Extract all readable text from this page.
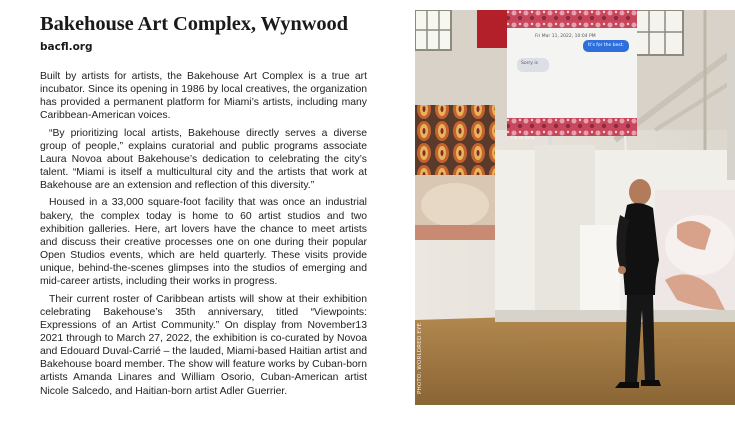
Bakehouse Art Complex, Wynwood
bacfl.org

Built by artists for artists, the Bakehouse Art Complex is a true art incubator. Since its opening in 1986 by local creatives, the organization has provided a permanent platform for Miami’s artists, including many Caribbean-American voices.

“By prioritizing local artists, Bakehouse directly serves a diverse group of people,” explains curatorial and public programs associate Laura Novoa about Bakehouse’s dedication to celebrating the city’s talent. “Miami is itself a multicultural city and the artists that work at Bakehouse are an extension and reflection of this diversity.”

Housed in a 33,000 square-foot facility that was once an industrial bakery, the complex today is home to 60 artist studios and two exhibition galleries. Here, art lovers have the chance to meet artists and discuss their creative processes one on one during their popular Open Studios events, which are held quarterly. These visits provide unique, behind-the-scenes glimpses into the studios of emerging and mid-career artists, including their works in progress.

Their current roster of Caribbean artists will show at their exhibition celebrating Bakehouse’s 35th anniversary, titled “Viewpoints: Expressions of an Artist Community.” On display from November13 2021 through to March 27, 2022, the exhibition is co-curated by Novoa and Edouard Duval-Carrié – the lauded, Miami-based Haitian artist and Bakehouse board member. The show will feature works by Cuban-born artists Amanda Linares and William Osorio, Cuban-American artist Nicole Salcedo, and Haitian-born artist Adler Guerrier.

Fri Mar 11, 2022, 10:04 PM
It’s for the best.
Sorry is
I’m so sorry
